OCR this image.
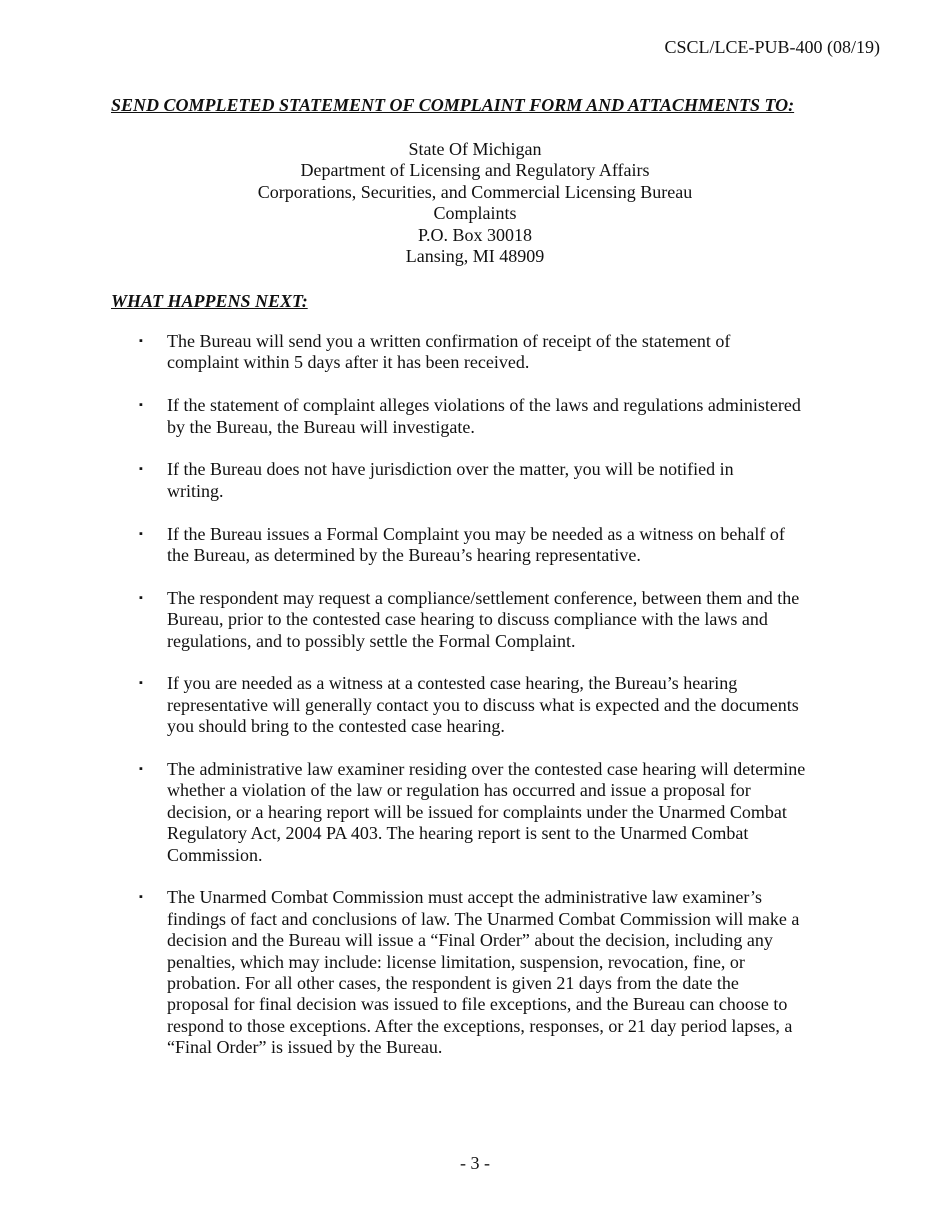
CSCL/LCE-PUB-400 (08/19)
SEND COMPLETED STATEMENT OF COMPLAINT FORM AND ATTACHMENTS TO:
State Of Michigan
Department of Licensing and Regulatory Affairs
Corporations, Securities, and Commercial Licensing Bureau
Complaints
P.O. Box 30018
Lansing, MI 48909
WHAT HAPPENS NEXT:
▪	The Bureau will send you a written confirmation of receipt of the statement of
complaint within 5 days after it has been received.
▪	If the statement of complaint alleges violations of the laws and regulations administered
by the Bureau, the Bureau will investigate.
▪	If the Bureau does not have jurisdiction over the matter, you will be notified in
writing.
▪	If the Bureau issues a Formal Complaint you may be needed as a witness on behalf of
the Bureau, as determined by the Bureau’s hearing representative.
▪	The respondent may request a compliance/settlement conference, between them and the
Bureau, prior to the contested case hearing to discuss compliance with the laws and
regulations, and to possibly settle the Formal Complaint.
▪	If you are needed as a witness at a contested case hearing, the Bureau’s hearing
representative will generally contact you to discuss what is expected and the documents
you should bring to the contested case hearing.
▪	The administrative law examiner residing over the contested case hearing will determine
whether a violation of the law or regulation has occurred and issue a proposal for
decision, or a hearing report will be issued for complaints under the Unarmed Combat
Regulatory Act, 2004 PA 403. The hearing report is sent to the Unarmed Combat
Commission.
▪	The Unarmed Combat Commission must accept the administrative law examiner’s
findings of fact and conclusions of law. The Unarmed Combat Commission will make a
decision and the Bureau will issue a “Final Order” about the decision, including any
penalties, which may include: license limitation, suspension, revocation, fine, or
probation. For all other cases, the respondent is given 21 days from the date the
proposal for final decision was issued to file exceptions, and the Bureau can choose to
respond to those exceptions. After the exceptions, responses, or 21 day period lapses, a
“Final Order” is issued by the Bureau.
- 3 -
